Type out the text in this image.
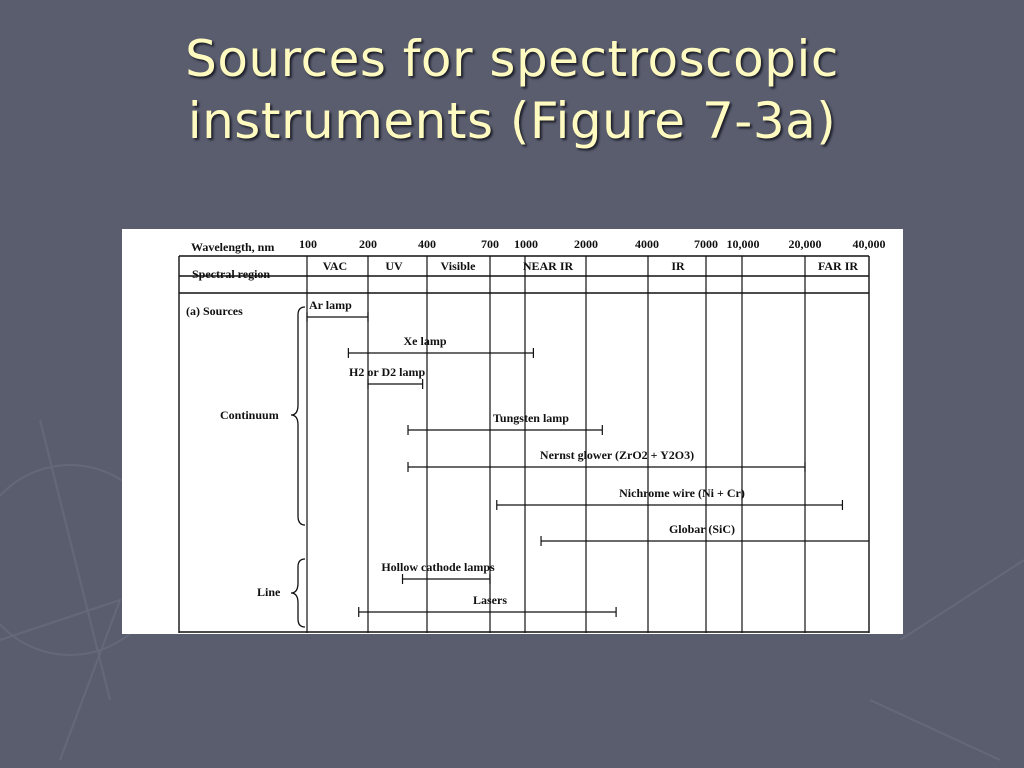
Sources for spectroscopic
instruments (Figure 7-3a)
Wavelength, nm 100	200	400	700 1000	2000	4000	7000 10,000 20,000	40,000
Spectral region
VAC	UV	Visible	NEAR IR	IR	FAR IR
(a) Sources
Continuum
Line
Ar lamp
Xe lamp
H2 or D2 lamp
Tungsten lamp
Nernst glower (ZrO2 + Y2O3)
Nichrome wire (Ni + Cr)
Globar (SiC)
Hollow cathode lamps
Lasers
